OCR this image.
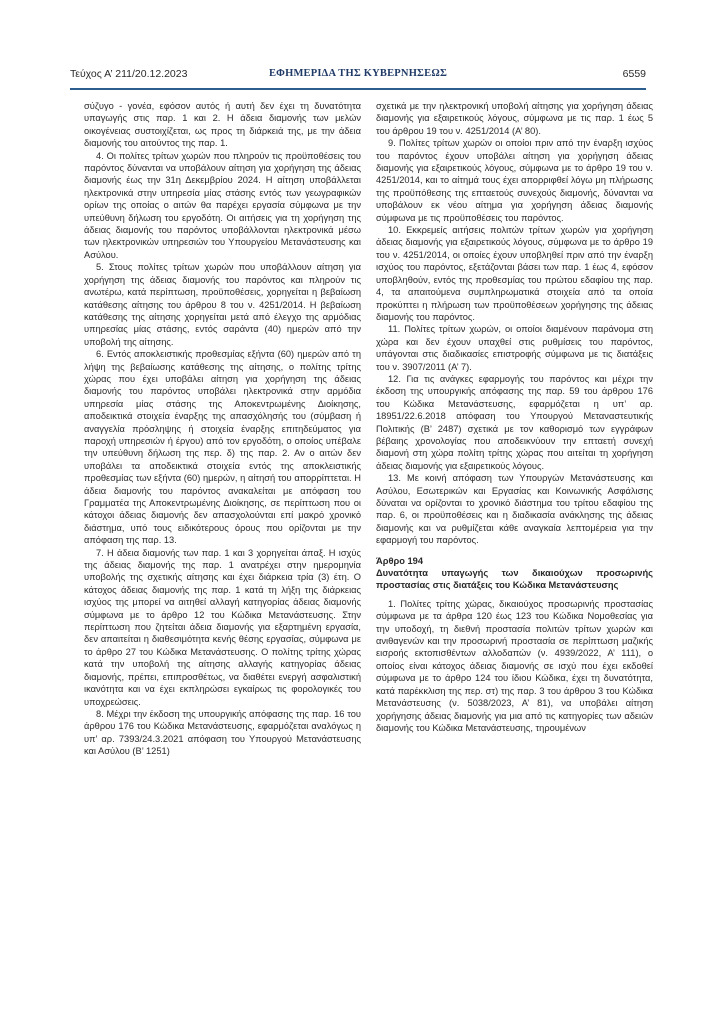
Τεύχος Α’ 211/20.12.2023	ΕΦΗΜΕΡΙΔΑ ΤΗΣ ΚΥΒΕΡΝΗΣΕΩΣ	6559

σύζυγο - γονέα, εφόσον αυτός ή αυτή δεν έχει τη δυνατότητα υπαγωγής στις παρ. 1 και 2. Η άδεια διαμονής των μελών οικογένειας συστοιχίζεται, ως προς τη διάρκειά της, με την άδεια διαμονής του αιτούντος της παρ. 1.

4. Οι πολίτες τρίτων χωρών που πληρούν τις προϋποθέσεις του παρόντος δύνανται να υποβάλουν αίτηση για χορήγηση της άδειας διαμονής έως την 31η Δεκεμβρίου 2024. Η αίτηση υποβάλλεται ηλεκτρονικά στην υπηρεσία μίας στάσης εντός των γεωγραφικών ορίων της οποίας ο αιτών θα παρέχει εργασία σύμφωνα με την υπεύθυνη δήλωση του εργοδότη. Οι αιτήσεις για τη χορήγηση της άδειας διαμονής του παρόντος υποβάλλονται ηλεκτρονικά μέσω των ηλεκτρονικών υπηρεσιών του Υπουργείου Μετανάστευσης και Ασύλου.

5. Στους πολίτες τρίτων χωρών που υποβάλλουν αίτηση για χορήγηση της άδειας διαμονής του παρόντος και πληρούν τις ανωτέρω, κατά περίπτωση, προϋποθέσεις, χορηγείται η βεβαίωση κατάθεσης αίτησης του άρθρου 8 του ν. 4251/2014. Η βεβαίωση κατάθεσης της αίτησης χορηγείται μετά από έλεγχο της αρμόδιας υπηρεσίας μίας στάσης, εντός σαράντα (40) ημερών από την υποβολή της αίτησης.

6. Εντός αποκλειστικής προθεσμίας εξήντα (60) ημερών από τη λήψη της βεβαίωσης κατάθεσης της αίτησης, ο πολίτης τρίτης χώρας που έχει υποβάλει αίτηση για χορήγηση της άδειας διαμονής του παρόντος υποβάλει ηλεκτρονικά στην αρμόδια υπηρεσία μίας στάσης της Αποκεντρωμένης Διοίκησης, αποδεικτικά στοιχεία έναρξης της απασχόλησής του (σύμβαση ή αναγγελία πρόσληψης ή στοιχεία έναρξης επιτηδεύματος για παροχή υπηρεσιών ή έργου) από τον εργοδότη, ο οποίος υπέβαλε την υπεύθυνη δήλωση της περ. δ) της παρ. 2. Αν ο αιτών δεν υποβάλει τα αποδεικτικά στοιχεία εντός της αποκλειστικής προθεσμίας των εξήντα (60) ημερών, η αίτησή του απορρίπτεται. Η άδεια διαμονής του παρόντος ανακαλείται με απόφαση του Γραμματέα της Αποκεντρωμένης Διοίκησης, σε περίπτωση που οι κάτοχοι άδειας διαμονής δεν απασχολούνται επί μακρό χρονικό διάστημα, υπό τους ειδικότερους όρους που ορίζονται με την απόφαση της παρ. 13.

7. Η άδεια διαμονής των παρ. 1 και 3 χορηγείται άπαξ. Η ισχύς της άδειας διαμονής της παρ. 1 ανατρέχει στην ημερομηνία υποβολής της σχετικής αίτησης και έχει διάρκεια τρία (3) έτη. Ο κάτοχος άδειας διαμονής της παρ. 1 κατά τη λήξη της διάρκειας ισχύος της μπορεί να αιτηθεί αλλαγή κατηγορίας άδειας διαμονής σύμφωνα με το άρθρο 12 του Κώδικα Μετανάστευσης. Στην περίπτωση που ζητείται άδεια διαμονής για εξαρτημένη εργασία, δεν απαιτείται η διαθεσιμότητα κενής θέσης εργασίας, σύμφωνα με το άρθρο 27 του Κώδικα Μετανάστευσης. Ο πολίτης τρίτης χώρας κατά την υποβολή της αίτησης αλλαγής κατηγορίας άδειας διαμονής, πρέπει, επιπροσθέτως, να διαθέτει ενεργή ασφαλιστική ικανότητα και να έχει εκπληρώσει εγκαίρως τις φορολογικές του υποχρεώσεις.

8. Μέχρι την έκδοση της υπουργικής απόφασης της παρ. 16 του άρθρου 176 του Κώδικα Μετανάστευσης, εφαρμόζεται αναλόγως η υπ’ αρ. 7393/24.3.2021 απόφαση του Υπουργού Μετανάστευσης και Ασύλου (Β’ 1251)

σχετικά με την ηλεκτρονική υποβολή αίτησης για χορήγηση άδειας διαμονής για εξαιρετικούς λόγους, σύμφωνα με τις παρ. 1 έως 5 του άρθρου 19 του ν. 4251/2014 (Α’ 80).

9. Πολίτες τρίτων χωρών οι οποίοι πριν από την έναρξη ισχύος του παρόντος έχουν υποβάλει αίτηση για χορήγηση άδειας διαμονής για εξαιρετικούς λόγους, σύμφωνα με το άρθρο 19 του ν. 4251/2014, και το αίτημά τους έχει απορριφθεί λόγω μη πλήρωσης της προϋπόθεσης της επταετούς συνεχούς διαμονής, δύνανται να υποβάλουν εκ νέου αίτημα για χορήγηση άδειας διαμονής σύμφωνα με τις προϋποθέσεις του παρόντος.

10. Εκκρεμείς αιτήσεις πολιτών τρίτων χωρών για χορήγηση άδειας διαμονής για εξαιρετικούς λόγους, σύμφωνα με το άρθρο 19 του ν. 4251/2014, οι οποίες έχουν υποβληθεί πριν από την έναρξη ισχύος του παρόντος, εξετάζονται βάσει των παρ. 1 έως 4, εφόσον υποβληθούν, εντός της προθεσμίας του πρώτου εδαφίου της παρ. 4, τα απαιτούμενα συμπληρωματικά στοιχεία από τα οποία προκύπτει η πλήρωση των προϋποθέσεων χορήγησης της άδειας διαμονής του παρόντος.

11. Πολίτες τρίτων χωρών, οι οποίοι διαμένουν παράνομα στη χώρα και δεν έχουν υπαχθεί στις ρυθμίσεις του παρόντος, υπάγονται στις διαδικασίες επιστροφής σύμφωνα με τις διατάξεις του ν. 3907/2011 (Α’ 7).

12. Για τις ανάγκες εφαρμογής του παρόντος και μέχρι την έκδοση της υπουργικής απόφασης της παρ. 59 του άρθρου 176 του Κώδικα Μετανάστευσης, εφαρμόζεται η υπ’ αρ. 18951/22.6.2018 απόφαση του Υπουργού Μεταναστευτικής Πολιτικής (Β’ 2487) σχετικά με τον καθορισμό των εγγράφων βέβαιης χρονολογίας που αποδεικνύουν την επταετή συνεχή διαμονή στη χώρα πολίτη τρίτης χώρας που αιτείται τη χορήγηση άδειας διαμονής για εξαιρετικούς λόγους.

13. Με κοινή απόφαση των Υπουργών Μετανάστευσης και Ασύλου, Εσωτερικών και Εργασίας και Κοινωνικής Ασφάλισης δύναται να ορίζονται το χρονικό διάστημα του τρίτου εδαφίου της παρ. 6, οι προϋποθέσεις και η διαδικασία ανάκλησης της άδειας διαμονής και να ρυθμίζεται κάθε αναγκαία λεπτομέρεια για την εφαρμογή του παρόντος.

Άρθρο 194

Δυνατότητα υπαγωγής των δικαιούχων προσωρινής προστασίας στις διατάξεις του Κώδικα Μετανάστευσης

1. Πολίτες τρίτης χώρας, δικαιούχος προσωρινής προστασίας σύμφωνα με τα άρθρα 120 έως 123 του Κώδικα Νομοθεσίας για την υποδοχή, τη διεθνή προστασία πολιτών τρίτων χωρών και ανιθαγενών και την προσωρινή προστασία σε περίπτωση μαζικής εισροής εκτοπισθέντων αλλοδαπών (ν. 4939/2022, Α’ 111), ο οποίος είναι κάτοχος άδειας διαμονής σε ισχύ που έχει εκδοθεί σύμφωνα με το άρθρο 124 του ίδιου Κώδικα, έχει τη δυνατότητα, κατά παρέκκλιση της περ. στ) της παρ. 3 του άρθρου 3 του Κώδικα Μετανάστευσης (ν. 5038/2023, Α’ 81), να υποβάλει αίτηση χορήγησης άδειας διαμονής για μια από τις κατηγορίες των αδειών διαμονής του Κώδικα Μετανάστευσης, τηρουμένων
